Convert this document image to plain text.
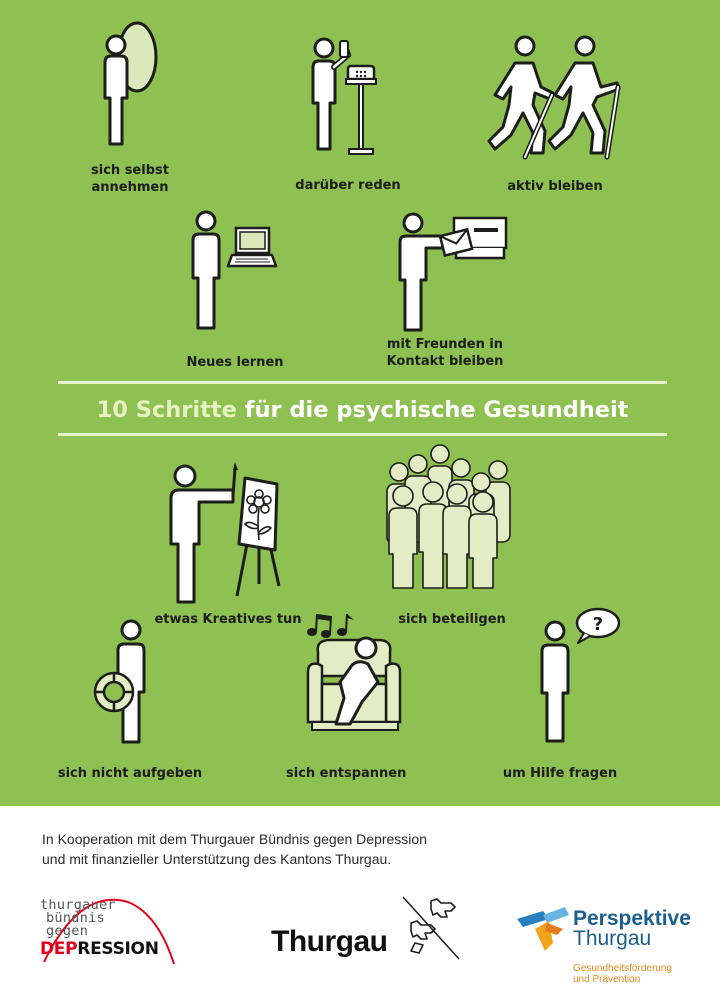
sich selbst
annehmen	darüber reden	aktiv bleiben
Neues lernen
mit Freunden in
Kontakt bleiben
10 Schritte für die psychische Gesundheit
etwas Kreatives tun	sich beteiligen
sich nicht aufgeben	sich entspannen
?
um Hilfe fragen
In Kooperation mit dem Thurgauer Bündnis gegen Depression
und mit finanzieller Unterstützung des Kantons Thurgau.
thurgauer
bündnis
gegen
DEPRESSION	Thurgau
Perspektive
Thurgau
Gesundheitsförderung
und Prävention
